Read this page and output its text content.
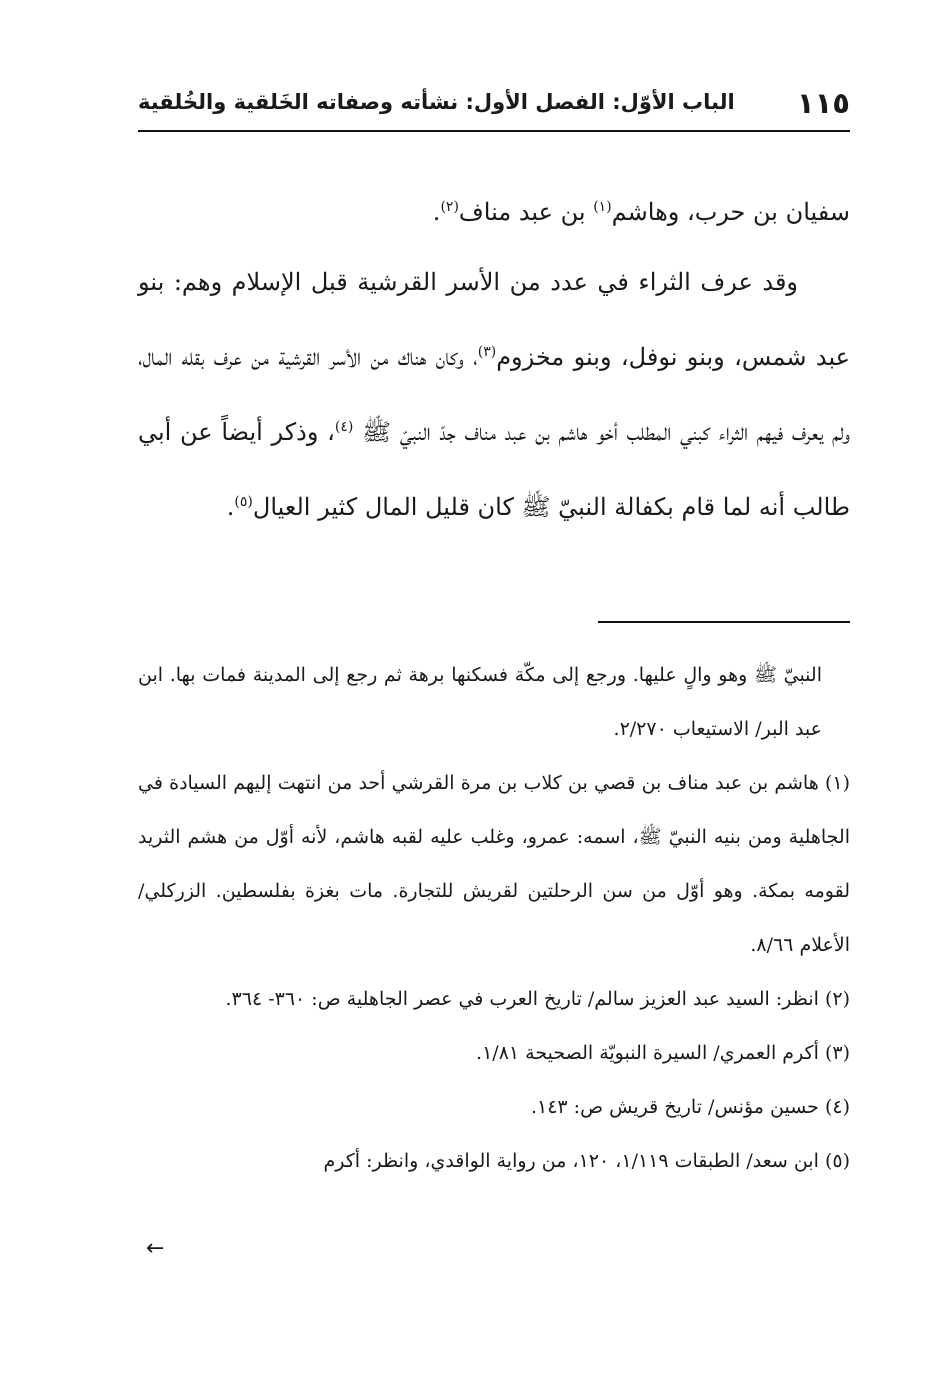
١١٥
الباب الأوّل: الفصل الأول: نشأته وصفاته الخَلقية والخُلقية

سفيان بن حرب، وهاشم$^{(١)}$ بن عبد مناف$^{(٢)}$.

وقد عرف الثراء في عدد من الأسر القرشية قبل الإسلام وهم: بنو عبد شمس، وبنو نوفل، وبنو مخزوم$^{(٣)}$، وكان هناك من الأسر القرشية من عرف بقله المال، ولم يعرف فيهم الثراء كبني المطلب أخو هاشم بن عبد مناف جدّ النبيّ ﷺ $^{(٤)}$، وذكر أيضاً عن أبي طالب أنه لما قام بكفالة النبيّ ﷺ كان قليل المال كثير العيال$^{(٥)}$.

النبيّ ﷺ وهو والٍ عليها. ورجع إلى مكّة فسكنها برهة ثم رجع إلى المدينة فمات بها. ابن عبد البر/ الاستيعاب ٢/٢٧٠.

(١) هاشم بن عبد مناف بن قصي بن كلاب بن مرة القرشي أحد من انتهت إليهم السيادة في الجاهلية ومن بنيه النبيّ ﷺ، اسمه: عمرو، وغلب عليه لقبه هاشم، لأنه أوّل من هشم الثريد لقومه بمكة. وهو أوّل من سن الرحلتين لقريش للتجارة. مات بغزة بفلسطين. الزركلي/ الأعلام ٨/٦٦.

(٢) انظر: السيد عبد العزيز سالم/ تاريخ العرب في عصر الجاهلية ص: ٣٦٠- ٣٦٤.

(٣) أكرم العمري/ السيرة النبويّة الصحيحة ١/٨١.

(٤) حسين مؤنس/ تاريخ قريش ص: ١٤٣.

(٥) ابن سعد/ الطبقات ١/١١٩، ١٢٠، من رواية الواقدي، وانظر: أكرم

←
